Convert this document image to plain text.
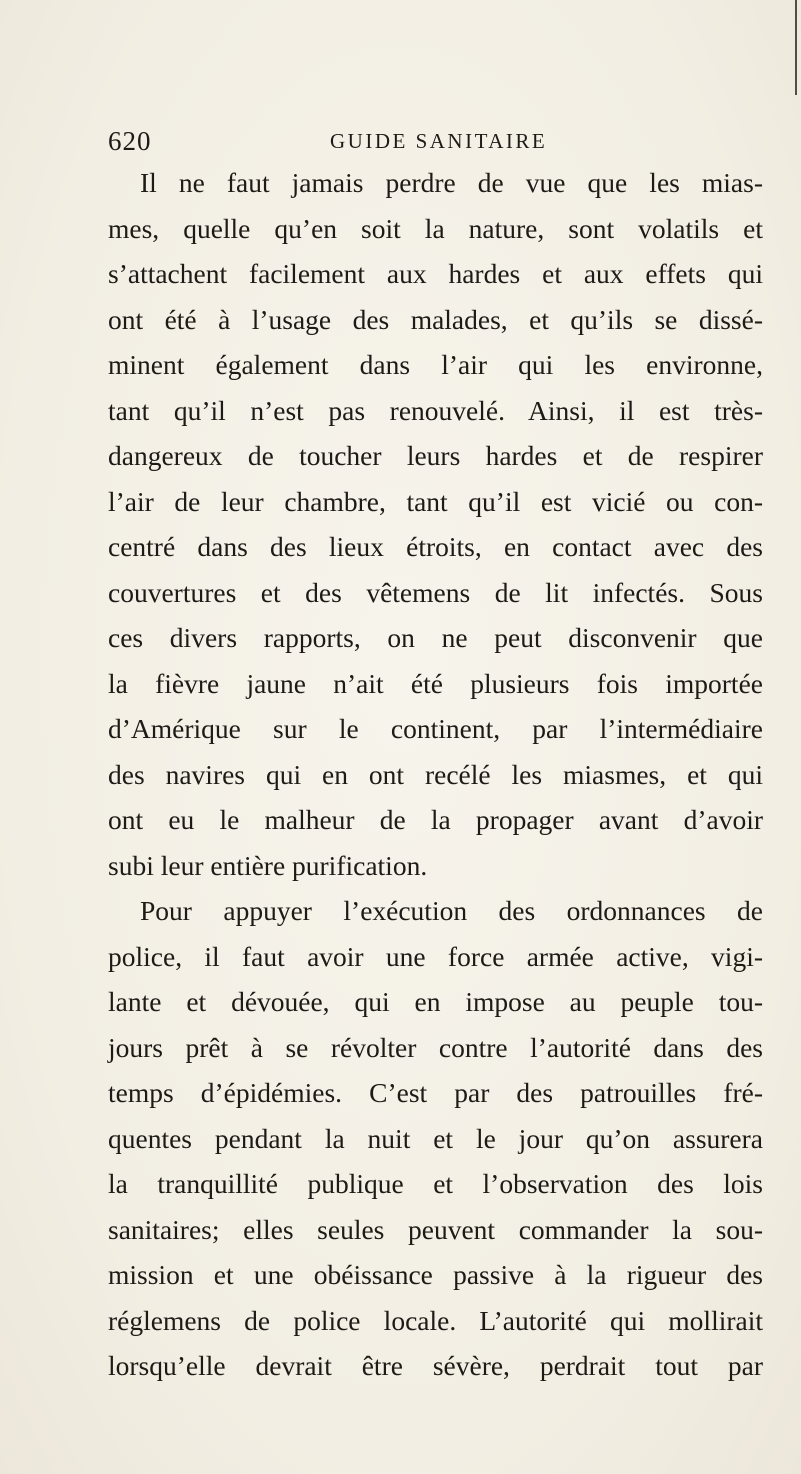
620	GUIDE SANITAIRE
Il ne faut jamais perdre de vue que les mias-
mes, quelle qu’en soit la nature, sont volatils et
s’attachent facilement aux hardes et aux effets qui
ont été à l’usage des malades, et qu’ils se dissé-
minent également dans l’air qui les environne,
tant qu’il n’est pas renouvelé. Ainsi, il est très-
dangereux de toucher leurs hardes et de respirer
l’air de leur chambre, tant qu’il est vicié ou con-
centré dans des lieux étroits, en contact avec des
couvertures et des vêtemens de lit infectés. Sous
ces divers rapports, on ne peut disconvenir que
la fièvre jaune n’ait été plusieurs fois importée
d’Amérique sur le continent, par l’intermédiaire
des navires qui en ont recélé les miasmes, et qui
ont eu le malheur de la propager avant d’avoir
subi leur entière purification.
Pour appuyer l’exécution des ordonnances de
police, il faut avoir une force armée active, vigi-
lante et dévouée, qui en impose au peuple tou-
jours prêt à se révolter contre l’autorité dans des
temps d’épidémies. C’est par des patrouilles fré-
quentes pendant la nuit et le jour qu’on assurera
la tranquillité publique et l’observation des lois
sanitaires; elles seules peuvent commander la sou-
mission et une obéissance passive à la rigueur des
réglemens de police locale. L’autorité qui mollirait
lorsqu’elle devrait être sévère, perdrait tout par
